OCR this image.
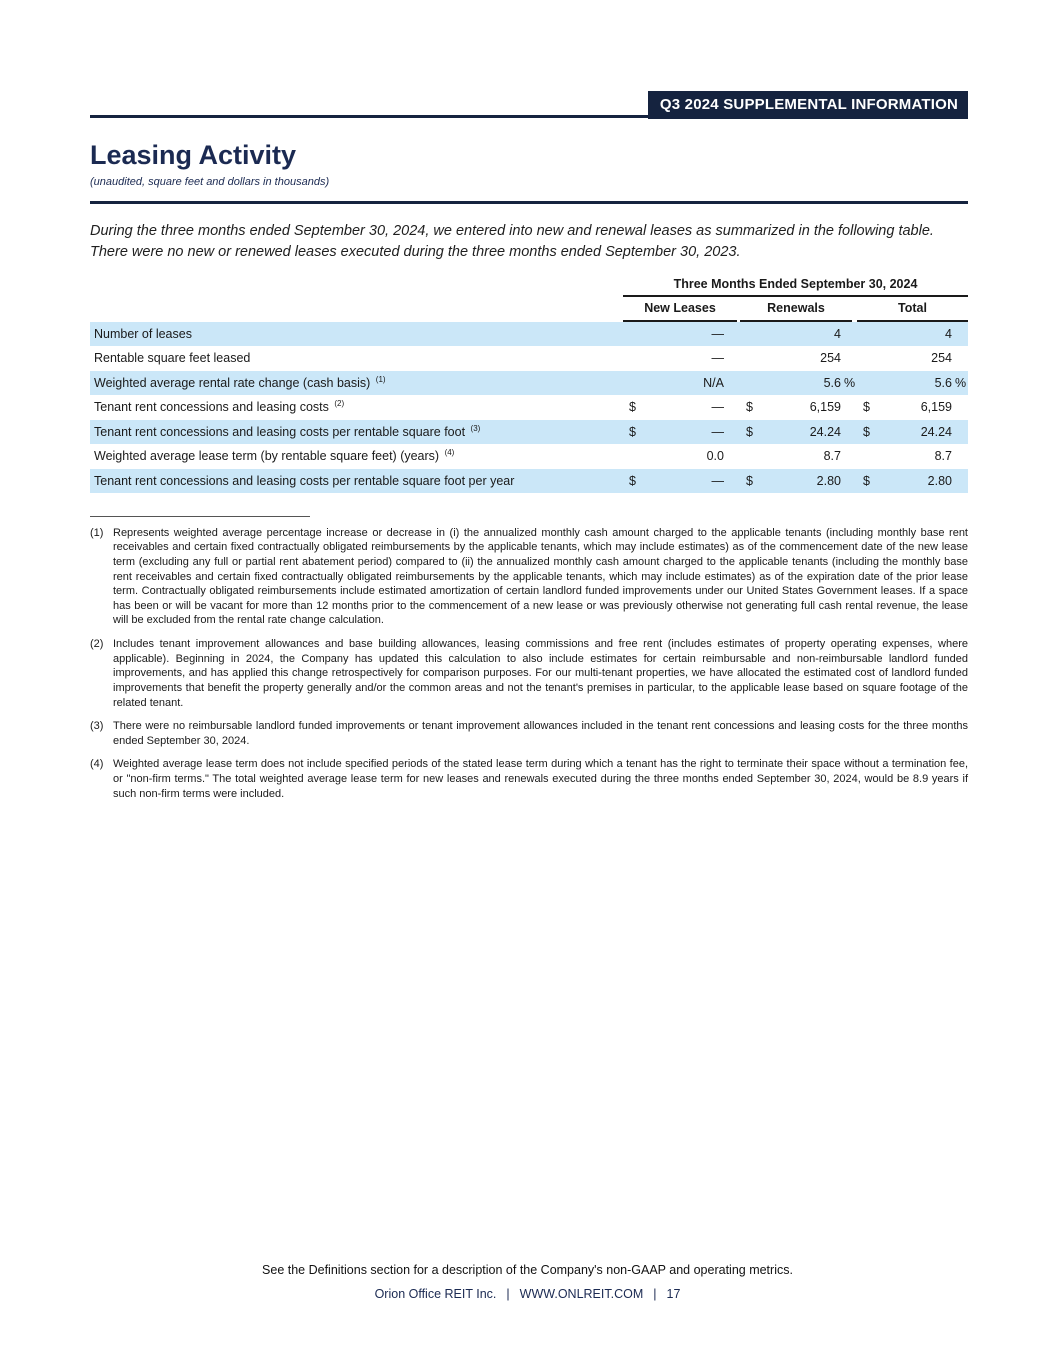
Q3 2024 SUPPLEMENTAL INFORMATION
Leasing Activity
(unaudited, square feet and dollars in thousands)
During the three months ended September 30, 2024, we entered into new and renewal leases as summarized in the following table. There were no new or renewed leases executed during the three months ended September 30, 2023.
Three Months Ended September 30, 2024
New Leases	Renewals	Total
Number of leases	—	4	4
Rentable square feet leased	—	254	254
Weighted average rental rate change (cash basis) $^{(1)}$	N/A	5.6 %	5.6 %
Tenant rent concessions and leasing costs $^{(2)}$	$	—	$	6,159	$	6,159
Tenant rent concessions and leasing costs per rentable square foot $^{(3)}$	$	—	$	24.24	$	24.24
Weighted average lease term (by rentable square feet) (years) $^{(4)}$	0.0	8.7	8.7
Tenant rent concessions and leasing costs per rentable square foot per year	$	—	$	2.80	$	2.80
(1) Represents weighted average percentage increase or decrease in (i) the annualized monthly cash amount charged to the applicable tenants (including monthly base rent receivables and certain fixed contractually obligated reimbursements by the applicable tenants, which may include estimates) as of the commencement date of the new lease term (excluding any full or partial rent abatement period) compared to (ii) the annualized monthly cash amount charged to the applicable tenants (including the monthly base rent receivables and certain fixed contractually obligated reimbursements by the applicable tenants, which may include estimates) as of the expiration date of the prior lease term. Contractually obligated reimbursements include estimated amortization of certain landlord funded improvements under our United States Government leases. If a space has been or will be vacant for more than 12 months prior to the commencement of a new lease or was previously otherwise not generating full cash rental revenue, the lease will be excluded from the rental rate change calculation.
(2) Includes tenant improvement allowances and base building allowances, leasing commissions and free rent (includes estimates of property operating expenses, where applicable). Beginning in 2024, the Company has updated this calculation to also include estimates for certain reimbursable and non-reimbursable landlord funded improvements, and has applied this change retrospectively for comparison purposes. For our multi-tenant properties, we have allocated the estimated cost of landlord funded improvements that benefit the property generally and/or the common areas and not the tenant's premises in particular, to the applicable lease based on square footage of the related tenant.
(3) There were no reimbursable landlord funded improvements or tenant improvement allowances included in the tenant rent concessions and leasing costs for the three months ended September 30, 2024.
(4) Weighted average lease term does not include specified periods of the stated lease term during which a tenant has the right to terminate their space without a termination fee, or "non-firm terms." The total weighted average lease term for new leases and renewals executed during the three months ended September 30, 2024, would be 8.9 years if such non-firm terms were included.
See the Definitions section for a description of the Company's non-GAAP and operating metrics.
Orion Office REIT Inc. | WWW.ONLREIT.COM | 17
